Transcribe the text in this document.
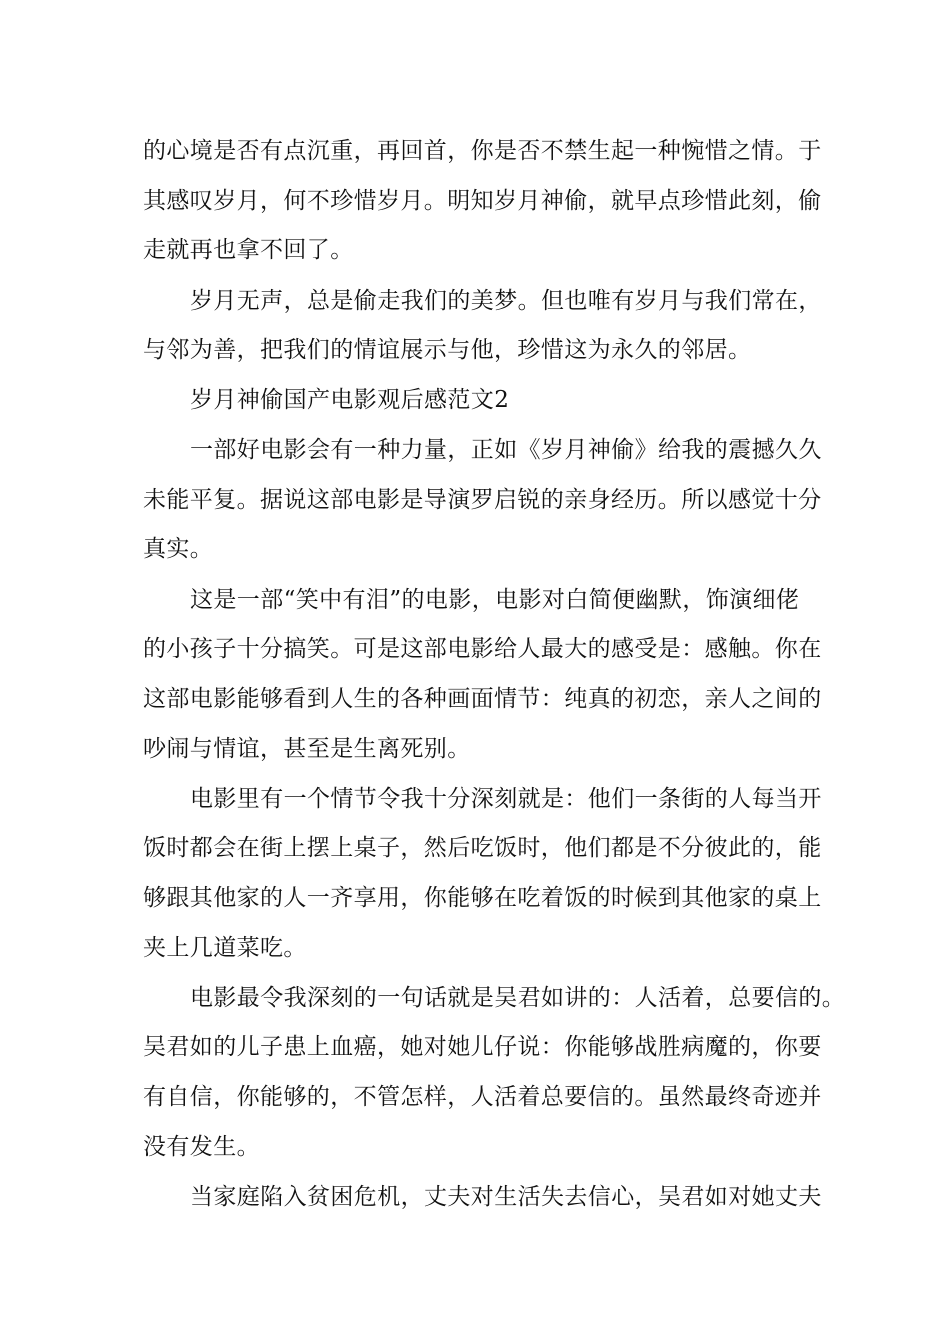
的心境是否有点沉重，再回首，你是否不禁生起一种惋惜之情。于
其感叹岁月，何不珍惜岁月。明知岁月神偷，就早点珍惜此刻，偷
走就再也拿不回了。
岁月无声，总是偷走我们的美梦。但也唯有岁月与我们常在，
与邻为善，把我们的情谊展示与他，珍惜这为永久的邻居。
岁月神偷国产电影观后感范文2
一部好电影会有一种力量，正如《岁月神偷》给我的震撼久久
未能平复。据说这部电影是导演罗启锐的亲身经历。所以感觉十分
真实。
这是一部“笑中有泪”的电影，电影对白简便幽默，饰演细佬
的小孩子十分搞笑。可是这部电影给人最大的感受是：感触。你在
这部电影能够看到人生的各种画面情节：纯真的初恋，亲人之间的
吵闹与情谊，甚至是生离死别。
电影里有一个情节令我十分深刻就是：他们一条街的人每当开
饭时都会在街上摆上桌子，然后吃饭时，他们都是不分彼此的，能
够跟其他家的人一齐享用，你能够在吃着饭的时候到其他家的桌上
夹上几道菜吃。
电影最令我深刻的一句话就是吴君如讲的：人活着，总要信的。
吴君如的儿子患上血癌，她对她儿仔说：你能够战胜病魔的，你要
有自信，你能够的，不管怎样，人活着总要信的。虽然最终奇迹并
没有发生。
当家庭陷入贫困危机，丈夫对生活失去信心，吴君如对她丈夫
